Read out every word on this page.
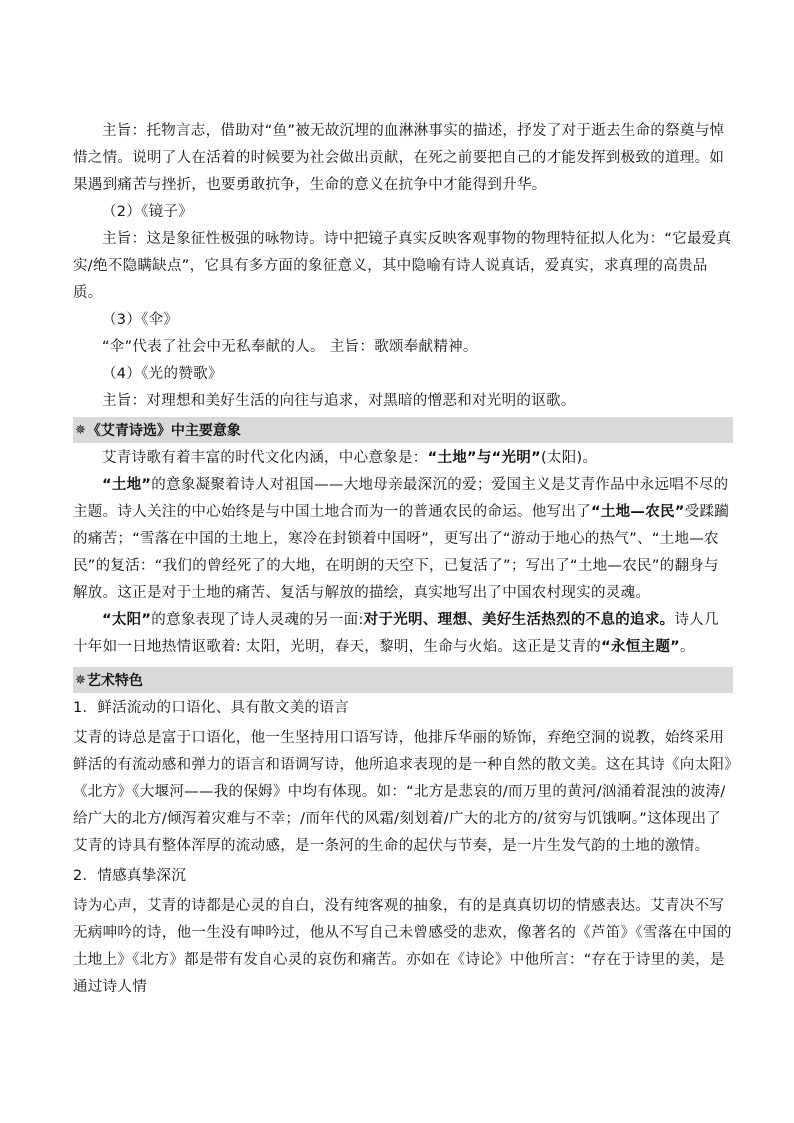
主旨：托物言志，借助对“鱼”被无故沉埋的血淋淋事实的描述，抒发了对于逝去生命的祭奠与悼惜之情。说明了人在活着的时候要为社会做出贡献，在死之前要把自己的才能发挥到极致的道理。如果遇到痛苦与挫折，也要勇敢抗争，生命的意义在抗争中才能得到升华。

（2）《镜子》

主旨：这是象征性极强的咏物诗。诗中把镜子真实反映客观事物的物理特征拟人化为：“它最爱真实/绝不隐瞒缺点”，它具有多方面的象征意义，其中隐喻有诗人说真话，爱真实，求真理的高贵品质。

（3）《伞》

“伞”代表了社会中无私奉献的人。 主旨：歌颂奉献精神。

（4）《光的赞歌》

主旨：对理想和美好生活的向往与追求，对黑暗的憎恶和对光明的讴歌。

✵ 《艾青诗选》中主要意象

艾青诗歌有着丰富的时代文化内涵，中心意象是：“土地”与“光明”(太阳)。

“土地”的意象凝聚着诗人对祖国——大地母亲最深沉的爱；爱国主义是艾青作品中永远唱不尽的主题。诗人关注的中心始终是与中国土地合而为一的普通农民的命运。他写出了“土地—农民”受蹂躏的痛苦；“雪落在中国的土地上，寒冷在封锁着中国呀”，更写出了“游动于地心的热气”、“土地—农民”的复活：“我们的曾经死了的大地，在明朗的天空下，已复活了”；写出了“土地—农民”的翻身与解放。这正是对于土地的痛苦、复活与解放的描绘，真实地写出了中国农村现实的灵魂。

“太阳”的意象表现了诗人灵魂的另一面:对于光明、理想、美好生活热烈的不息的追求。诗人几十年如一日地热情讴歌着: 太阳，光明，春天，黎明，生命与火焰。这正是艾青的“永恒主题”。

✵ 艺术特色

1．鲜活流动的口语化、具有散文美的语言

艾青的诗总是富于口语化，他一生坚持用口语写诗，他排斥华丽的矫饰，弃绝空洞的说教，始终采用鲜活的有流动感和弹力的语言和语调写诗，他所追求表现的是一种自然的散文美。这在其诗《向太阳》《北方》《大堰河——我的保姆》中均有体现。如：“北方是悲哀的/而万里的黄河/汹涌着混浊的波涛/给广大的北方/倾泻着灾难与不幸；/而年代的风霜/刻划着/广大的北方的/贫穷与饥饿啊。”这体现出了艾青的诗具有整体浑厚的流动感，是一条河的生命的起伏与节奏，是一片生发气韵的土地的激情。

2．情感真挚深沉

诗为心声，艾青的诗都是心灵的自白，没有纯客观的抽象，有的是真真切切的情感表达。艾青决不写无病呻吟的诗，他一生没有呻吟过，他从不写自己未曾感受的悲欢，像著名的《芦笛》《雪落在中国的土地上》《北方》都是带有发自心灵的哀伤和痛苦。亦如在《诗论》中他所言：“存在于诗里的美，是通过诗人情
